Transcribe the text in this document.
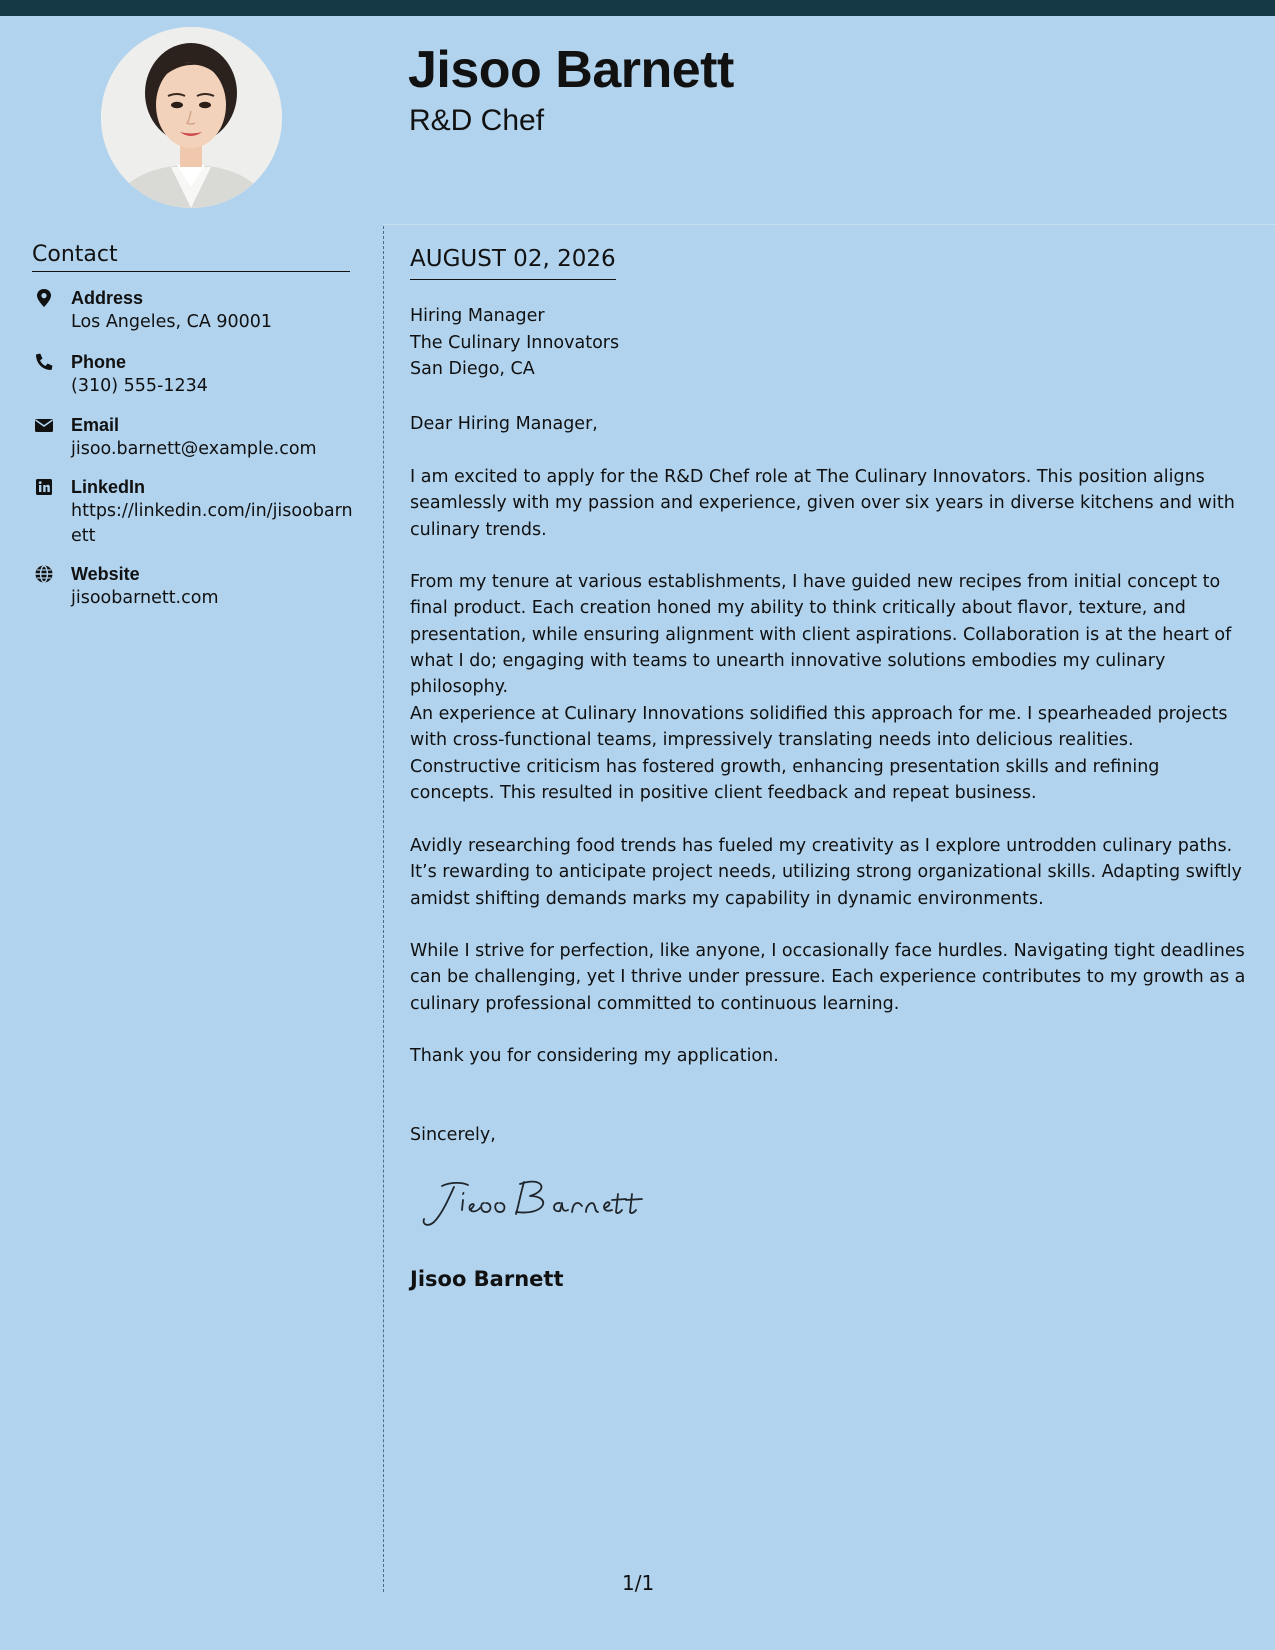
Jisoo Barnett
R&D Chef
Contact
Address
Los Angeles, CA 90001
Phone
(310) 555-1234
Email
jisoo.barnett@example.com
LinkedIn
https://linkedin.com/in/jisoobarnett
Website
jisoobarnett.com
AUGUST 02, 2026
Hiring Manager
The Culinary Innovators
San Diego, CA
Dear Hiring Manager,

I am excited to apply for the R&D Chef role at The Culinary Innovators. This position aligns seamlessly with my passion and experience, given over six years in diverse kitchens and with culinary trends.

From my tenure at various establishments, I have guided new recipes from initial concept to final product. Each creation honed my ability to think critically about flavor, texture, and presentation, while ensuring alignment with client aspirations. Collaboration is at the heart of what I do; engaging with teams to unearth innovative solutions embodies my culinary philosophy.

An experience at Culinary Innovations solidified this approach for me. I spearheaded projects with cross-functional teams, impressively translating needs into delicious realities. Constructive criticism has fostered growth, enhancing presentation skills and refining concepts. This resulted in positive client feedback and repeat business.

Avidly researching food trends has fueled my creativity as I explore untrodden culinary paths. It’s rewarding to anticipate project needs, utilizing strong organizational skills. Adapting swiftly amidst shifting demands marks my capability in dynamic environments.

While I strive for perfection, like anyone, I occasionally face hurdles. Navigating tight deadlines can be challenging, yet I thrive under pressure. Each experience contributes to my growth as a culinary professional committed to continuous learning.

Thank you for considering my application.

Sincerely,
Jisoo Barnett
1/1
